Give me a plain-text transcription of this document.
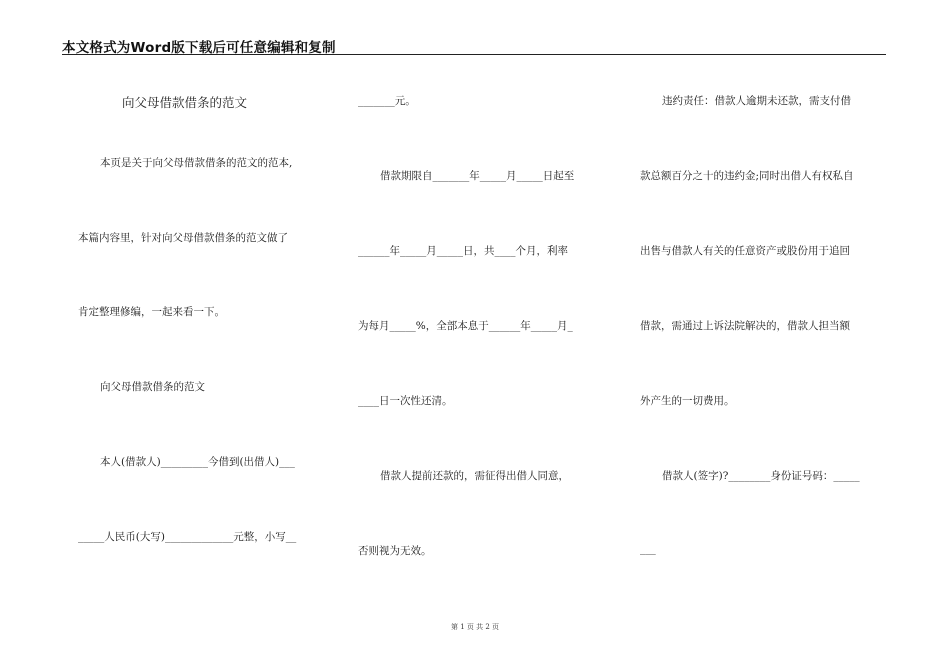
本文格式为Word版下载后可任意编辑和复制
向父母借款借条的范文
本页是关于向父母借款借条的范文的范本,
本篇内容里，针对向父母借款借条的范文做了
肯定整理修编，一起来看一下。
向父母借款借条的范文
本人(借款人)_________今借到(出借人)___
_____人民币(大写)_____________元整，小写__
_______元。
借款期限自_______年_____月_____日起至
______年_____月_____日，共____个月，利率
为每月_____%，全部本息于______年_____月_
____日一次性还清。
借款人提前还款的，需征得出借人同意，
否则视为无效。
违约责任：借款人逾期未还款，需支付借
款总额百分之十的违约金;同时出借人有权私自
出售与借款人有关的任意资产或股份用于追回
借款，需通过上诉法院解决的，借款人担当额
外产生的一切费用。
借款人(签字)?________身份证号码：_____
___
第 1 页 共 2 页
